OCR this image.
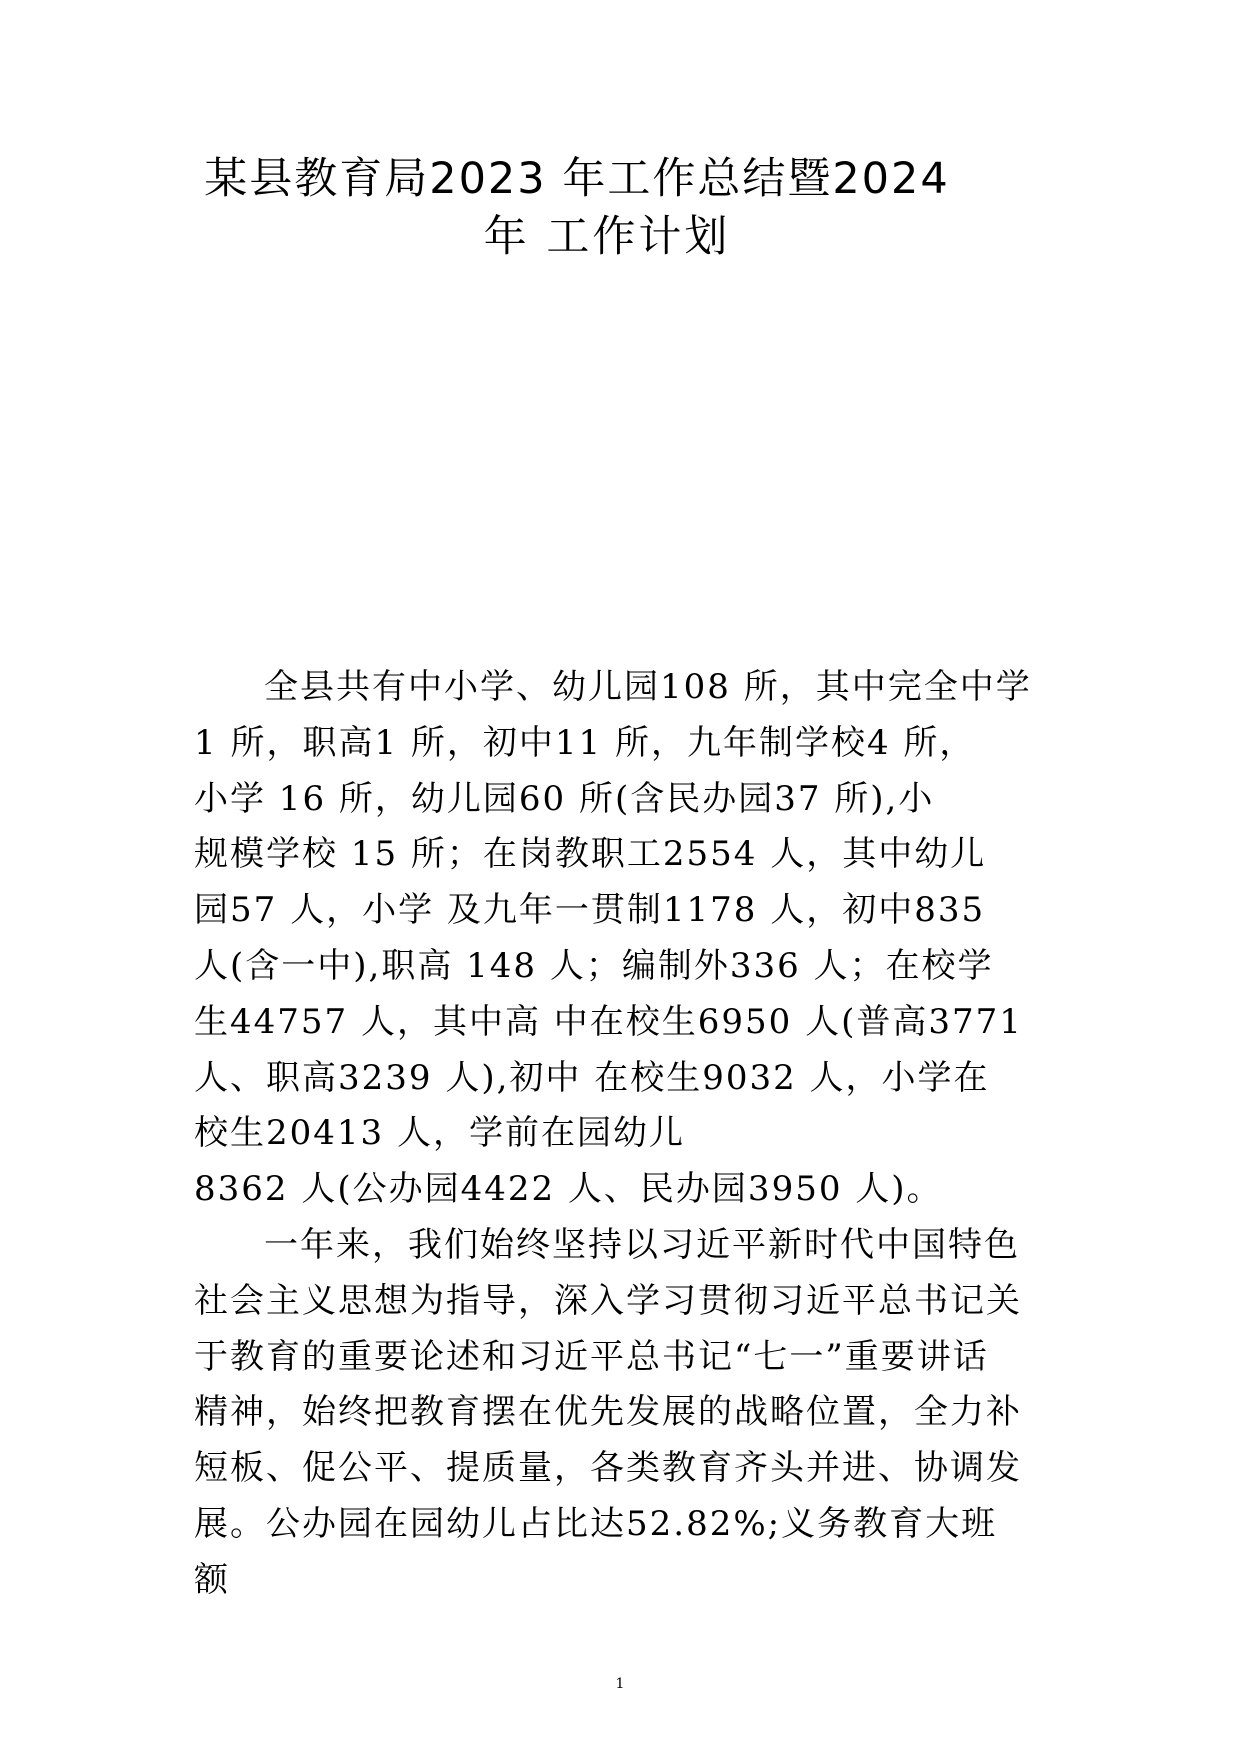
某县教育局2023 年工作总结暨2024
年 工作计划
全县共有中小学、幼儿园108 所，其中完全中学
1 所，职高1 所，初中11 所，九年制学校4 所，
小学 16 所，幼儿园60 所(含民办园37 所),小
规模学校 15 所；在岗教职工2554 人，其中幼儿
园57 人，小学 及九年一贯制1178 人，初中835
人(含一中),职高 148 人；编制外336 人；在校学
生44757 人，其中高 中在校生6950 人(普高3771
人、职高3239 人),初中 在校生9032 人，小学在
校生20413 人，学前在园幼儿
8362 人(公办园4422 人、民办园3950 人)。
一年来，我们始终坚持以习近平新时代中国特色
社会主义思想为指导，深入学习贯彻习近平总书记关
于教育的重要论述和习近平总书记“七一”重要讲话
精神，始终把教育摆在优先发展的战略位置，全力补
短板、促公平、提质量，各类教育齐头并进、协调发
展。公办园在园幼儿占比达52.82%;义务教育大班
额
1
